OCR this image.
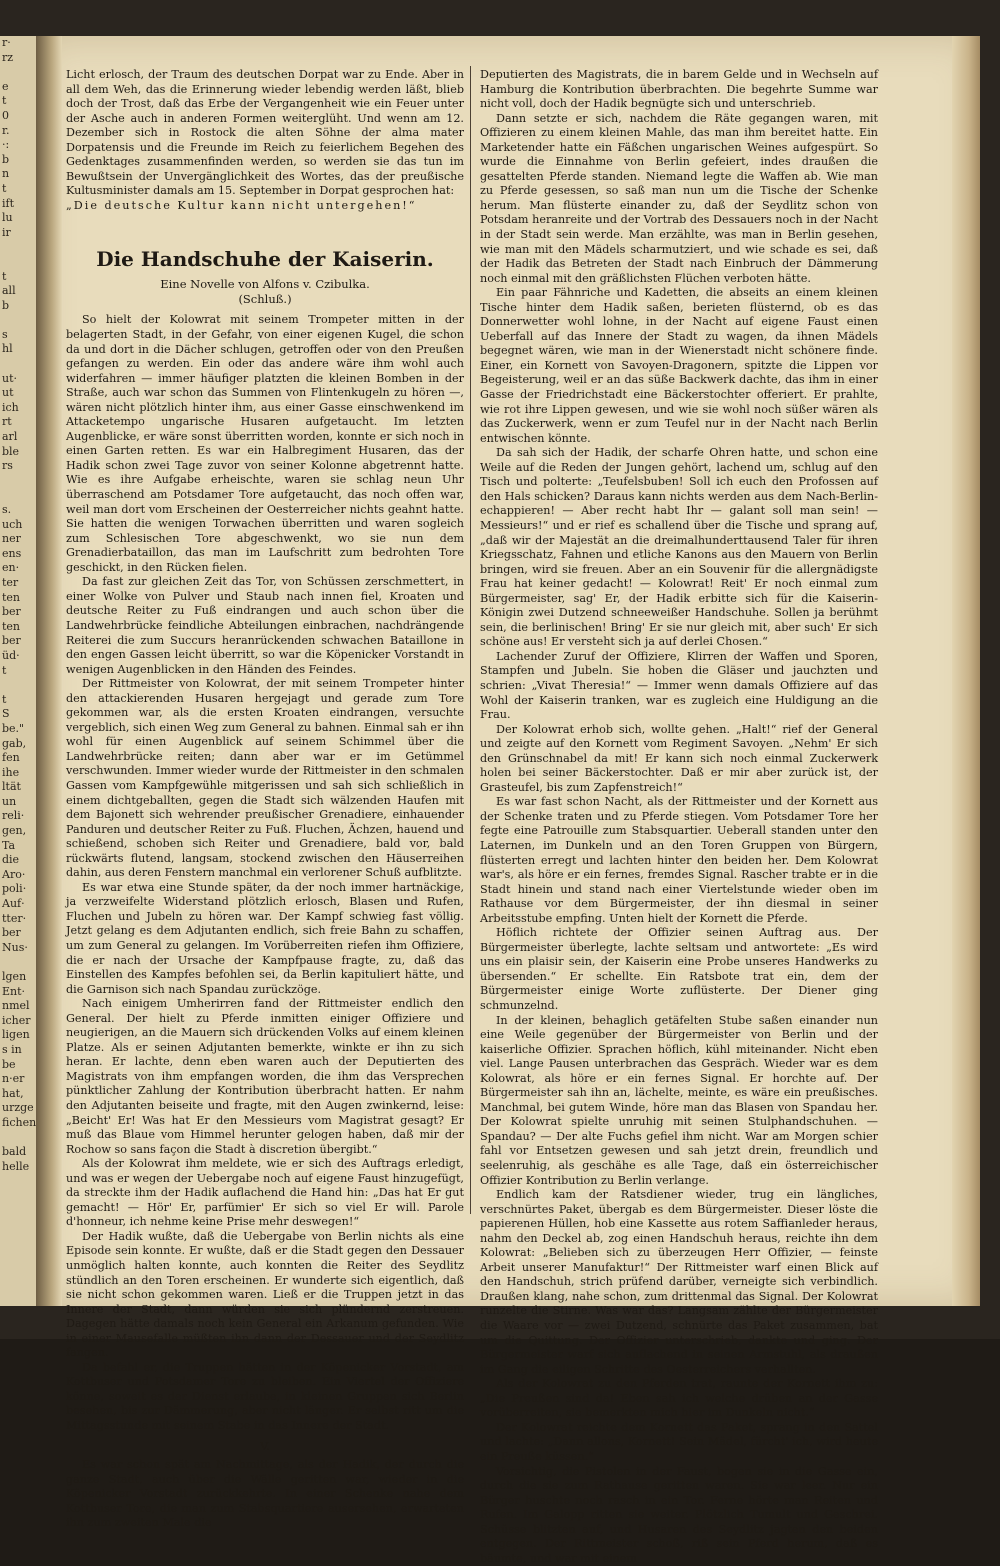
r·
rz
e
t
0
r.
·:
b
n
t
ift
lu
ir
t
all
b
s
hl
ut·
ut
ich
rt
arl
ble
rs
s.
uch
ner
ens
en·
ter
ten
ber
ten
ber
üd·
t
t
S
be."
gab,
fen
ihe
ltät
un
reli·
gen,
Ta
die
Aro·
poli·
Auf·
tter·
ber
Nus·
lgen
Ent·
nmel
icher
ligen
s in
be
n·er
hat,
urzge
fichen
bald
helle

Licht erlosch, der Traum des deutschen Dorpat war zu Ende. Aber in all dem Weh, das die Erinnerung wieder lebendig werden läßt, blieb doch der Trost, daß das Erbe der Vergangenheit wie ein Feuer unter der Asche auch in anderen Formen weiterglüht. Und wenn am 12. Dezember sich in Rostock die alten Söhne der alma mater Dorpatensis und die Freunde im Reich zu feierlichem Begehen des Gedenktages zusammenfinden werden, so werden sie das tun im Bewußtsein der Unvergänglichkeit des Wortes, das der preußische Kultusminister damals am 15. September in Dorpat gesprochen hat:

„Die deutsche Kultur kann nicht untergehen!“

Die Handschuhe der Kaiserin.
Eine Novelle von Alfons v. Czibulka.
(Schluß.)

So hielt der Kolowrat mit seinem Trompeter mitten in der belagerten Stadt, in der Gefahr, von einer eigenen Kugel, die schon da und dort in die Dächer schlugen, getroffen oder von den Preußen gefangen zu werden. Ein oder das andere wäre ihm wohl auch widerfahren — immer häufiger platzten die kleinen Bomben in der Straße, auch war schon das Summen von Flintenkugeln zu hören —, wären nicht plötzlich hinter ihm, aus einer Gasse einschwenkend im Attacketempo ungarische Husaren aufgetaucht. Im letzten Augenblicke, er wäre sonst überritten worden, konnte er sich noch in einen Garten retten. Es war ein Halbregiment Husaren, das der Hadik schon zwei Tage zuvor von seiner Kolonne abgetrennt hatte. Wie es ihre Aufgabe erheischte, waren sie schlag neun Uhr überraschend am Potsdamer Tore aufgetaucht, das noch offen war, weil man dort vom Erscheinen der Oesterreicher nichts geahnt hatte. Sie hatten die wenigen Torwachen überritten und waren sogleich zum Schlesischen Tore abgeschwenkt, wo sie nun dem Grenadierbataillon, das man im Laufschritt zum bedrohten Tore geschickt, in den Rücken fielen.

Da fast zur gleichen Zeit das Tor, von Schüssen zerschmettert, in einer Wolke von Pulver und Staub nach innen fiel, Kroaten und deutsche Reiter zu Fuß eindrangen und auch schon über die Landwehrbrücke feindliche Abteilungen einbrachen, nachdrängende Reiterei die zum Succurs heranrückenden schwachen Bataillone in den engen Gassen leicht überritt, so war die Köpenicker Vorstandt in wenigen Augenblicken in den Händen des Feindes.

Der Rittmeister von Kolowrat, der mit seinem Trompeter hinter den attackierenden Husaren hergejagt und gerade zum Tore gekommen war, als die ersten Kroaten eindrangen, versuchte vergeblich, sich einen Weg zum General zu bahnen. Einmal sah er ihn wohl für einen Augenblick auf seinem Schimmel über die Landwehrbrücke reiten; dann aber war er im Getümmel verschwunden. Immer wieder wurde der Rittmeister in den schmalen Gassen vom Kampfgewühle mitgerissen und sah sich schließlich in einem dichtgeballten, gegen die Stadt sich wälzenden Haufen mit dem Bajonett sich wehrender preußischer Grenadiere, einhauender Panduren und deutscher Reiter zu Fuß. Fluchen, Ächzen, hauend und schießend, schoben sich Reiter und Grenadiere, bald vor, bald rückwärts flutend, langsam, stockend zwischen den Häuserreihen dahin, aus deren Fenstern manchmal ein verlorener Schuß aufblitzte.

Es war etwa eine Stunde später, da der noch immer hartnäckige, ja verzweifelte Widerstand plötzlich erlosch, Blasen und Rufen, Fluchen und Jubeln zu hören war. Der Kampf schwieg fast völlig. Jetzt gelang es dem Adjutanten endlich, sich freie Bahn zu schaffen, um zum General zu gelangen. Im Vorüberreiten riefen ihm Offiziere, die er nach der Ursache der Kampfpause fragte, zu, daß das Einstellen des Kampfes befohlen sei, da Berlin kapituliert hätte, und die Garnison sich nach Spandau zurückzöge.

Nach einigem Umherirren fand der Rittmeister endlich den General. Der hielt zu Pferde inmitten einiger Offiziere und neugierigen, an die Mauern sich drückenden Volks auf einem kleinen Platze. Als er seinen Adjutanten bemerkte, winkte er ihn zu sich heran. Er lachte, denn eben waren auch der Deputierten des Magistrats von ihm empfangen worden, die ihm das Versprechen pünktlicher Zahlung der Kontribution überbracht hatten. Er nahm den Adjutanten beiseite und fragte, mit den Augen zwinkernd, leise: „Beicht' Er! Was hat Er den Messieurs vom Magistrat gesagt? Er muß das Blaue vom Himmel herunter gelogen haben, daß mir der Rochow so sans façon die Stadt à discretion übergibt.“

Als der Kolowrat ihm meldete, wie er sich des Auftrags erledigt, und was er wegen der Uebergabe noch auf eigene Faust hinzugefügt, da streckte ihm der Hadik auflachend die Hand hin: „Das hat Er gut gemacht! — Hör' Er, parfümier' Er sich so viel Er will. Parole d'honneur, ich nehme keine Prise mehr deswegen!“

Der Hadik wußte, daß die Uebergabe von Berlin nichts als eine Episode sein konnte. Er wußte, daß er die Stadt gegen den Dessauer unmöglich halten konnte, auch konnten die Reiter des Seydlitz stündlich an den Toren erscheinen. Er wunderte sich eigentlich, daß sie nicht schon gekommen waren. Ließ er die Truppen jetzt in das Innere der Stadt, dann würden sie sich plündernd zerstreuen. Dagegen hätte damals noch kein General ein Arkanum gefunden. Wie in einer Mausefalle müßten ihn dann der Dessauer und der Seydlitz fangen.

Da befahl er, die Truppen hätten in der Köpenicker Vorstadt, am Kottbuser und Potsdamer Tore zu bleiben. Ein Viertel der Offiziere könne, soweit es der Dienst erlaube, in kleinen Gruppen sich Berlin besehen, bis zur Dämmerung, aber nicht länger. Er selbst ritt um die Mittagsstunde mit seinem Stabe in das Innere der Stadt.

V.

Es war schon spät am Nachmittage, als der Hadik, der durch die ganze Stadt, auch über die Wälle geritten war, wieder in die Köpenicker Vorstadt zurückkehrte. In einer Schenke nahe dem Kottbuser Tore, die man zum Stabsquartiere ausersehen, erwarteten ihn zum zweiten Male die

Deputierten des Magistrats, die in barem Gelde und in Wechseln auf Hamburg die Kontribution überbrachten. Die begehrte Summe war nicht voll, doch der Hadik begnügte sich und unterschrieb.

Dann setzte er sich, nachdem die Räte gegangen waren, mit Offizieren zu einem kleinen Mahle, das man ihm bereitet hatte. Ein Marketender hatte ein Fäßchen ungarischen Weines aufgespürt. So wurde die Einnahme von Berlin gefeiert, indes draußen die gesattelten Pferde standen. Niemand legte die Waffen ab. Wie man zu Pferde gesessen, so saß man nun um die Tische der Schenke herum. Man flüsterte einander zu, daß der Seydlitz schon von Potsdam heranreite und der Vortrab des Dessauers noch in der Nacht in der Stadt sein werde. Man erzählte, was man in Berlin gesehen, wie man mit den Mädels scharmutziert, und wie schade es sei, daß der Hadik das Betreten der Stadt nach Einbruch der Dämmerung noch einmal mit den gräßlichsten Flüchen verboten hätte.

Ein paar Fähnriche und Kadetten, die abseits an einem kleinen Tische hinter dem Hadik saßen, berieten flüsternd, ob es das Donnerwetter wohl lohne, in der Nacht auf eigene Faust einen Ueberfall auf das Innere der Stadt zu wagen, da ihnen Mädels begegnet wären, wie man in der Wienerstadt nicht schönere finde. Einer, ein Kornett von Savoyen-Dragonern, spitzte die Lippen vor Begeisterung, weil er an das süße Backwerk dachte, das ihm in einer Gasse der Friedrichstadt eine Bäckerstochter offeriert. Er prahlte, wie rot ihre Lippen gewesen, und wie sie wohl noch süßer wären als das Zuckerwerk, wenn er zum Teufel nur in der Nacht nach Berlin entwischen könnte.

Da sah sich der Hadik, der scharfe Ohren hatte, und schon eine Weile auf die Reden der Jungen gehört, lachend um, schlug auf den Tisch und polterte: „Teufelsbuben! Soll ich euch den Profossen auf den Hals schicken? Daraus kann nichts werden aus dem Nach-Berlin-echappieren! — Aber recht habt Ihr — galant soll man sein! — Messieurs!“ und er rief es schallend über die Tische und sprang auf, „daß wir der Majestät an die dreimalhunderttausend Taler für ihren Kriegsschatz, Fahnen und etliche Kanons aus den Mauern von Berlin bringen, wird sie freuen. Aber an ein Souvenir für die allergnädigste Frau hat keiner gedacht! — Kolowrat! Reit' Er noch einmal zum Bürgermeister, sag' Er, der Hadik erbitte sich für die Kaiserin-Königin zwei Dutzend schneeweißer Handschuhe. Sollen ja berühmt sein, die berlinischen! Bring' Er sie nur gleich mit, aber such' Er sich schöne aus! Er versteht sich ja auf derlei Chosen.“

Lachender Zuruf der Offiziere, Klirren der Waffen und Sporen, Stampfen und Jubeln. Sie hoben die Gläser und jauchzten und schrien: „Vivat Theresia!“ — Immer wenn damals Offiziere auf das Wohl der Kaiserin tranken, war es zugleich eine Huldigung an die Frau.

Der Kolowrat erhob sich, wollte gehen. „Halt!“ rief der General und zeigte auf den Kornett vom Regiment Savoyen. „Nehm' Er sich den Grünschnabel da mit! Er kann sich noch einmal Zuckerwerk holen bei seiner Bäckerstochter. Daß er mir aber zurück ist, der Grasteufel, bis zum Zapfenstreich!“

Es war fast schon Nacht, als der Rittmeister und der Kornett aus der Schenke traten und zu Pferde stiegen. Vom Potsdamer Tore her fegte eine Patrouille zum Stabsquartier. Ueberall standen unter den Laternen, im Dunkeln und an den Toren Gruppen von Bürgern, flüsterten erregt und lachten hinter den beiden her. Dem Kolowrat war's, als höre er ein fernes, fremdes Signal. Rascher trabte er in die Stadt hinein und stand nach einer Viertelstunde wieder oben im Rathause vor dem Bürgermeister, der ihn diesmal in seiner Arbeitsstube empfing. Unten hielt der Kornett die Pferde.

Höflich richtete der Offizier seinen Auftrag aus. Der Bürgermeister überlegte, lachte seltsam und antwortete: „Es wird uns ein plaisir sein, der Kaiserin eine Probe unseres Handwerks zu übersenden.“ Er schellte. Ein Ratsbote trat ein, dem der Bürgermeister einige Worte zuflüsterte. Der Diener ging schmunzelnd.

In der kleinen, behaglich getäfelten Stube saßen einander nun eine Weile gegenüber der Bürgermeister von Berlin und der kaiserliche Offizier. Sprachen höflich, kühl miteinander. Nicht eben viel. Lange Pausen unterbrachen das Gespräch. Wieder war es dem Kolowrat, als höre er ein fernes Signal. Er horchte auf. Der Bürgermeister sah ihn an, lächelte, meinte, es wäre ein preußisches. Manchmal, bei gutem Winde, höre man das Blasen von Spandau her. Der Kolowrat spielte unruhig mit seinen Stulphandschuhen. — Spandau? — Der alte Fuchs gefiel ihm nicht. War am Morgen schier fahl vor Entsetzen gewesen und sah jetzt drein, freundlich und seelenruhig, als geschähe es alle Tage, daß ein österreichischer Offizier Kontribution zu Berlin verlange.

Endlich kam der Ratsdiener wieder, trug ein längliches, verschnürtes Paket, übergab es dem Bürgermeister. Dieser löste die papierenen Hüllen, hob eine Kassette aus rotem Saffianleder heraus, nahm den Deckel ab, zog einen Handschuh heraus, reichte ihn dem Kolowrat: „Belieben sich zu überzeugen Herr Offizier, — feinste Arbeit unserer Manufaktur!“ Der Rittmeister warf einen Blick auf den Handschuh, strich prüfend darüber, verneigte sich verbindlich. Draußen klang, nahe schon, zum drittenmal das Signal. Der Kolowrat runzelte die Stirne. Was war das? Langsam zählte der Bürgermeister die Waare vor — zwei Dutzend, schnürte das Paket zusammen, bat um die Quittung. Der Offizier unterschrieb, dankte und ging. Der Bürgermeister warf sich auflachend in seinen Armstuhl, als draußen im Gang die eiligen Schritte des Oesterreichers verhallten.

Als der Kolowrat zu den Pferden trat, raunte der Kornett ihm zu: „Die Preußen sind da! Eben sah ich welche drüben an der Gasse vorüberreiten, sie bemerkten mich hier im Dunkeln nicht.“

Der Kolowrat reichte dem Kornett das Paket, sprang in den Sattel und lachte: „Dann allons, Kornett! Sein Mädel, fürcht' ich, wird heute ein Preuße küssen.“

Vorsichtig, die Pistolen in der Faust, bogen sie in die Gasse ein, durch die sie zum Rathause geritten waren. Sie war leer. Nur ein Bürger huschte noch rasch in ein Tor. Ferne hörte man Reiten und Rufen. Im Galopp ritten sie weiter. Plötzlich Tumult und Geschrei. Schüsse blitzten auf, und Husaren des Seydlitz jagten den beiden entgegen. Der Rittmeister schoß, riß sein Pferd herum, daß es bäumte, und war mit einem
